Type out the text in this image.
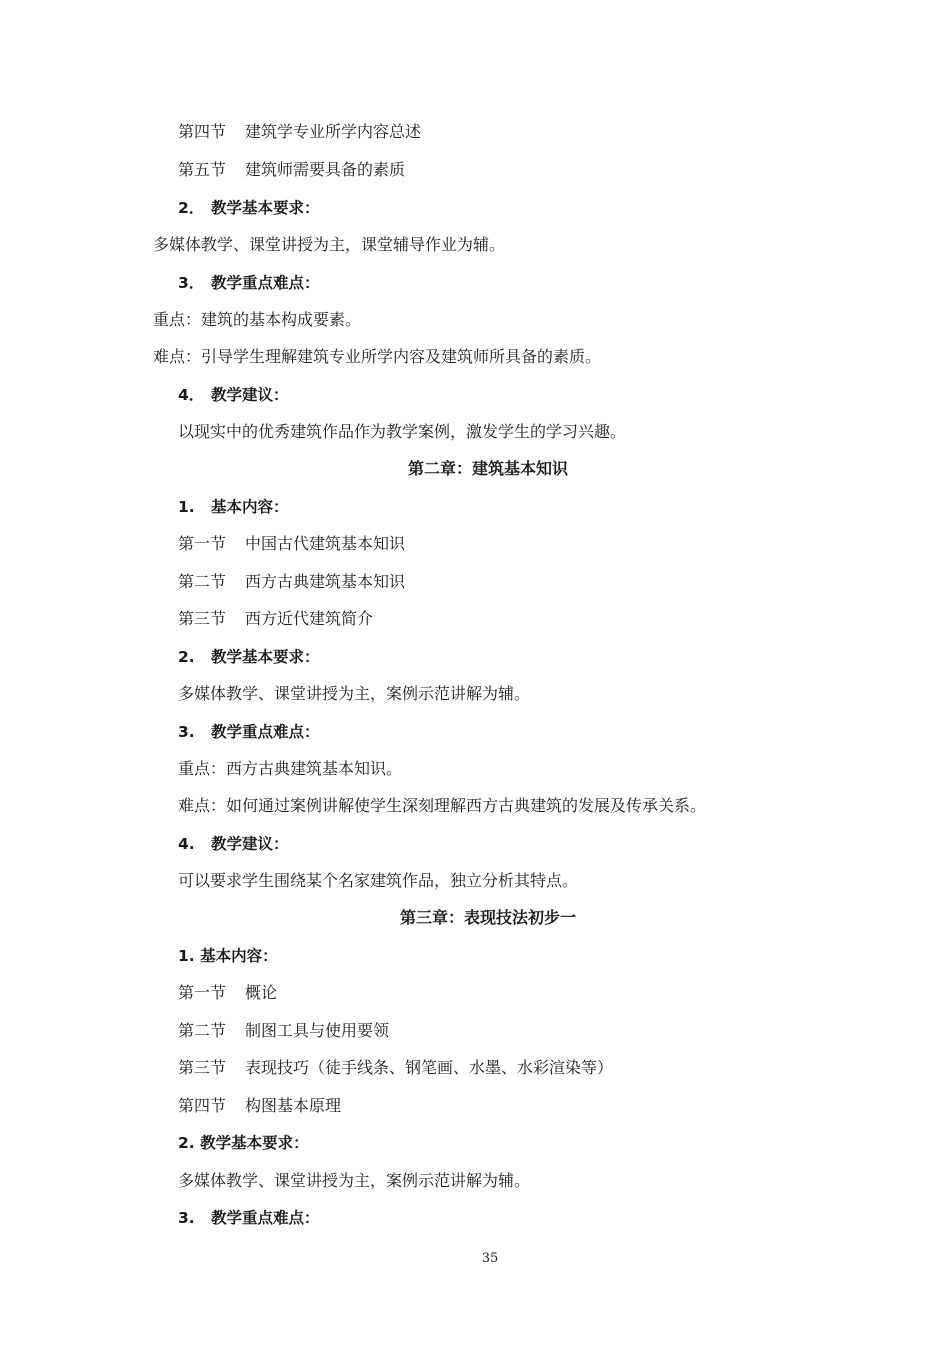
第四节 建筑学专业所学内容总述
第五节 建筑师需要具备的素质
2． 教学基本要求：
多媒体教学、课堂讲授为主，课堂辅导作业为辅。
3． 教学重点难点：
重点：建筑的基本构成要素。
难点：引导学生理解建筑专业所学内容及建筑师所具备的素质。
4． 教学建议：
以现实中的优秀建筑作品作为教学案例，激发学生的学习兴趣。
第二章：建筑基本知识
1. 基本内容：
第一节 中国古代建筑基本知识
第二节 西方古典建筑基本知识
第三节 西方近代建筑简介
2. 教学基本要求：
多媒体教学、课堂讲授为主，案例示范讲解为辅。
3. 教学重点难点：
重点：西方古典建筑基本知识。
难点：如何通过案例讲解使学生深刻理解西方古典建筑的发展及传承关系。
4. 教学建议：
可以要求学生围绕某个名家建筑作品，独立分析其特点。
第三章：表现技法初步一
1. 基本内容：
第一节 概论
第二节 制图工具与使用要领
第三节 表现技巧（徒手线条、钢笔画、水墨、水彩渲染等）
第四节 构图基本原理
2. 教学基本要求：
多媒体教学、课堂讲授为主，案例示范讲解为辅。
3. 教学重点难点：
35
